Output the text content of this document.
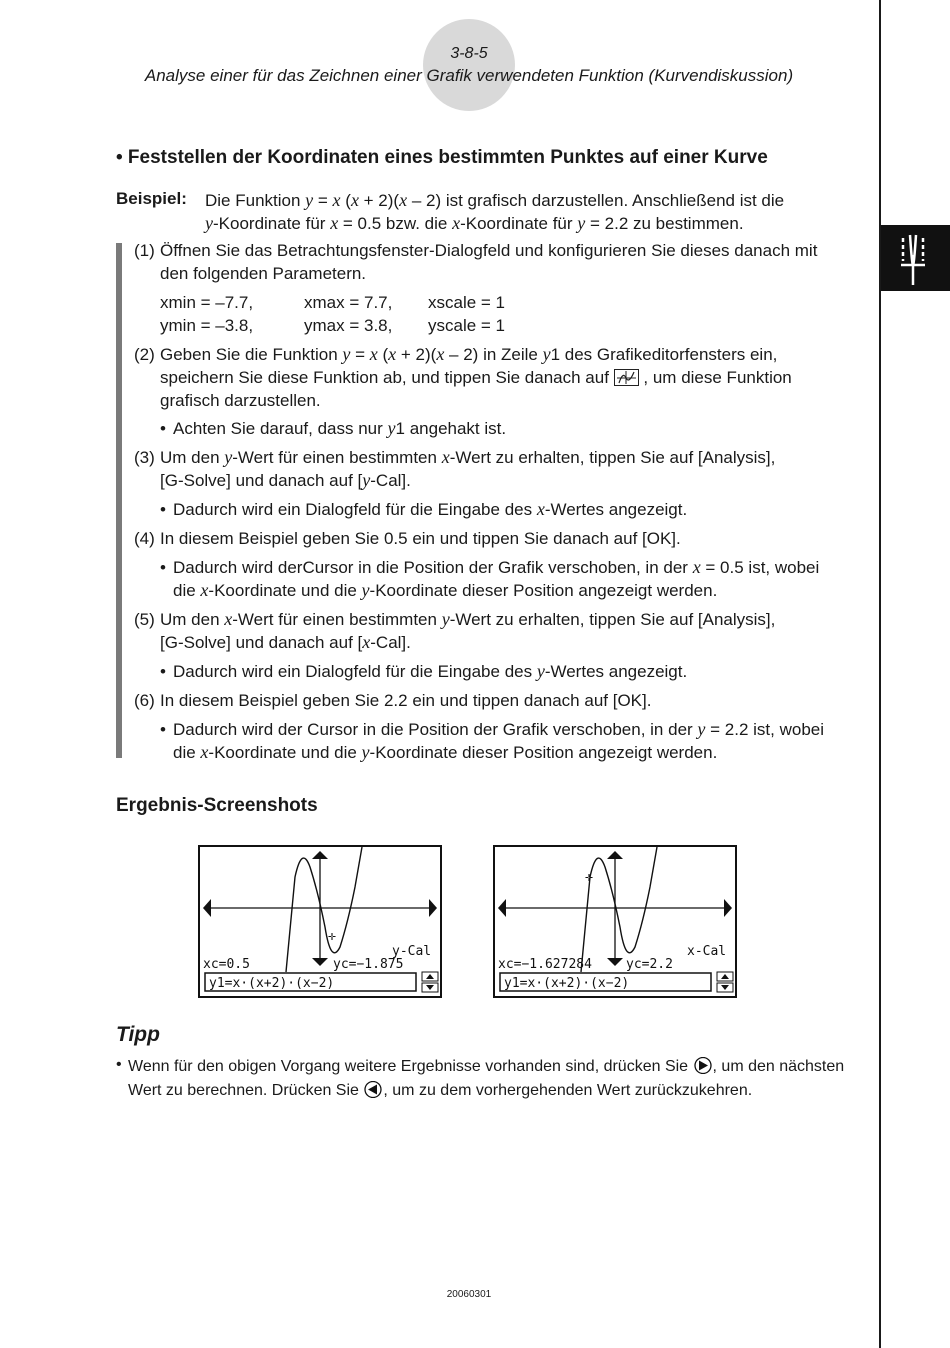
3-8-5
Analyse einer für das Zeichnen einer Grafik verwendeten Funktion (Kurvendiskussion)
• Feststellen der Koordinaten eines bestimmten Punktes auf einer Kurve
Beispiel: Die Funktion y = x (x + 2)(x – 2) ist grafisch darzustellen. Anschließend ist die
y-Koordinate für x = 0.5 bzw. die x-Koordinate für y = 2.2 zu bestimmen.
(1) Öffnen Sie das Betrachtungsfenster-Dialogfeld und konfigurieren Sie dieses danach mit
den folgenden Parametern.
xmin = –7.7,	xmax = 7.7, xscale = 1
ymin = –3.8,	ymax = 3.8, yscale = 1
(2) Geben Sie die Funktion y = x (x + 2)(x – 2) in Zeile y1 des Grafikeditorfensters ein,
speichern Sie diese Funktion ab, und tippen Sie danach auf , um diese Funktion
grafisch darzustellen.
• Achten Sie darauf, dass nur y1 angehakt ist.
(3) Um den y-Wert für einen bestimmten x-Wert zu erhalten, tippen Sie auf [Analysis],
[G-Solve] und danach auf [y-Cal].
• Dadurch wird ein Dialogfeld für die Eingabe des x-Wertes angezeigt.
(4) In diesem Beispiel geben Sie 0.5 ein und tippen Sie danach auf [OK].
• Dadurch wird derCursor in die Position der Grafik verschoben, in der x = 0.5 ist, wobei
die x-Koordinate und die y-Koordinate dieser Position angezeigt werden.
(5) Um den x-Wert für einen bestimmten y-Wert zu erhalten, tippen Sie auf [Analysis],
[G-Solve] und danach auf [x-Cal].
• Dadurch wird ein Dialogfeld für die Eingabe des y-Wertes angezeigt.
(6) In diesem Beispiel geben Sie 2.2 ein und tippen danach auf [OK].
• Dadurch wird der Cursor in die Position der Grafik verschoben, in der y = 2.2 ist, wobei
die x-Koordinate und die y-Koordinate dieser Position angezeigt werden.
Ergebnis-Screenshots
✛
y-Cal
xc=0.5	yc=−1.875
y1=x·(x+2)·(x−2)
✛
x-Cal
xc=−1.627284	yc=2.2
y1=x·(x+2)·(x−2)
Tipp
• Wenn für den obigen Vorgang weitere Ergebnisse vorhanden sind, drücken Sie , um den nächsten
Wert zu berechnen. Drücken Sie , um zu dem vorhergehenden Wert zurückzukehren.
20060301
